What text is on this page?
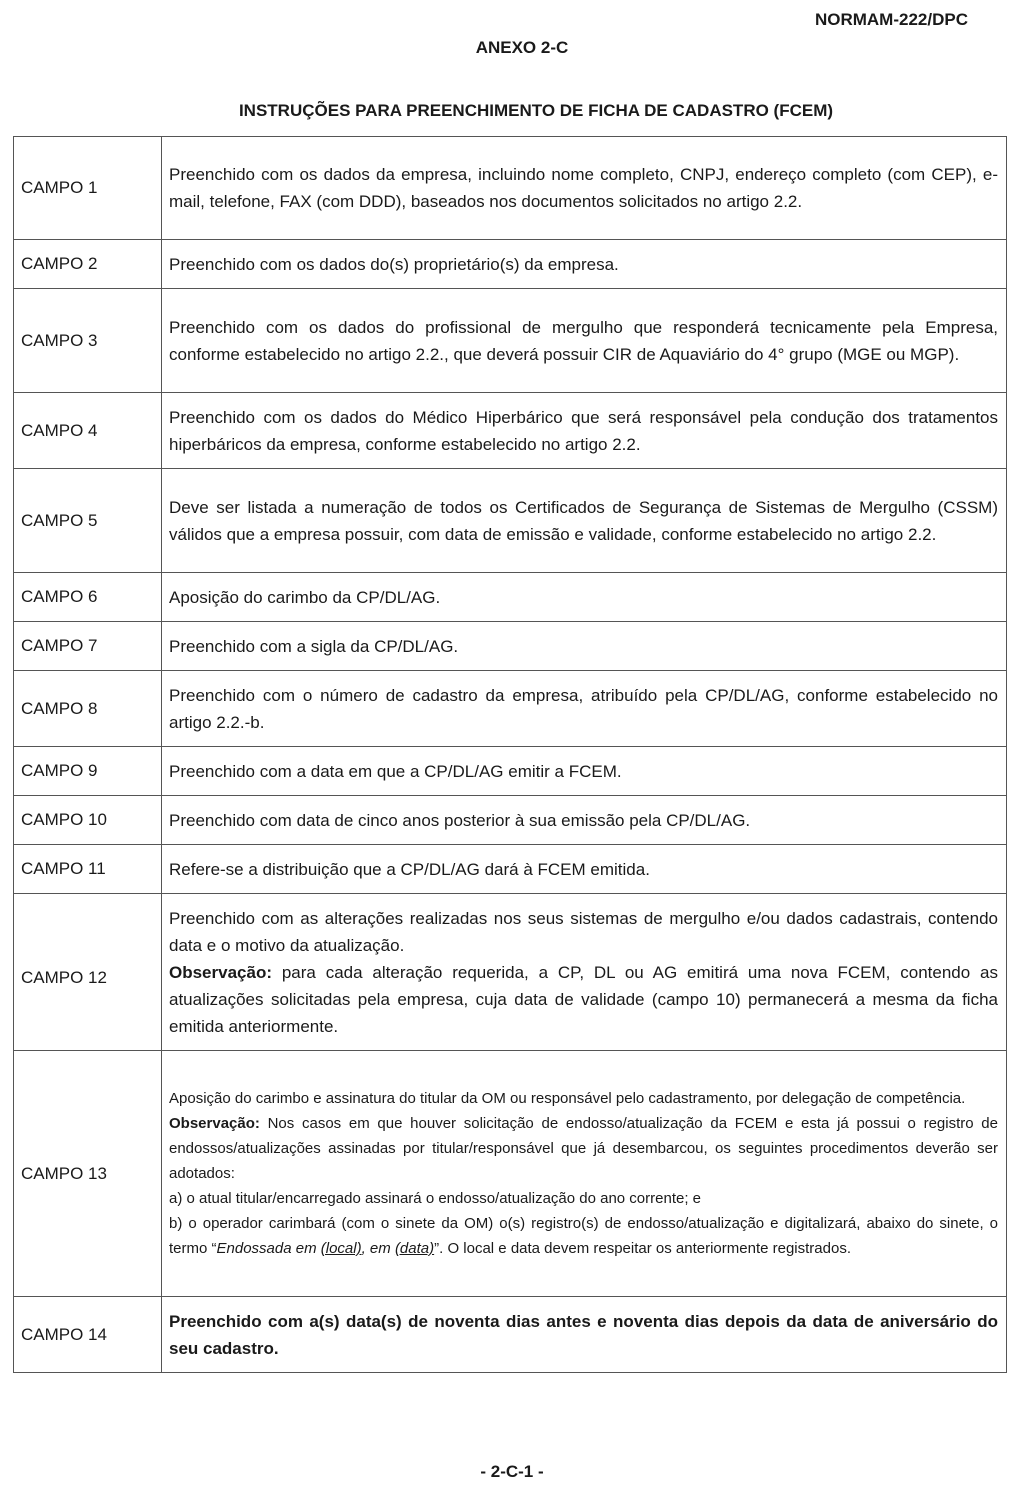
NORMAM-222/DPC
ANEXO 2-C
INSTRUÇÕES PARA PREENCHIMENTO DE FICHA DE CADASTRO (FCEM)
CAMPO 1	Preenchido com os dados da empresa, incluindo nome completo, CNPJ, endereço completo (com CEP), e-mail, telefone, FAX (com DDD), baseados nos documentos solicitados no artigo 2.2.
CAMPO 2	Preenchido com os dados do(s) proprietário(s) da empresa.
CAMPO 3	Preenchido com os dados do profissional de mergulho que responderá tecnicamente pela Empresa, conforme estabelecido no artigo 2.2., que deverá possuir CIR de Aquaviário do 4° grupo (MGE ou MGP).
CAMPO 4	Preenchido com os dados do Médico Hiperbárico que será responsável pela condução dos tratamentos hiperbáricos da empresa, conforme estabelecido no artigo 2.2.
CAMPO 5	Deve ser listada a numeração de todos os Certificados de Segurança de Sistemas de Mergulho (CSSM) válidos que a empresa possuir, com data de emissão e validade, conforme estabelecido no artigo 2.2.
CAMPO 6	Aposição do carimbo da CP/DL/AG.
CAMPO 7	Preenchido com a sigla da CP/DL/AG.
CAMPO 8	Preenchido com o número de cadastro da empresa, atribuído pela CP/DL/AG, conforme estabelecido no artigo 2.2.-b.
CAMPO 9	Preenchido com a data em que a CP/DL/AG emitir a FCEM.
CAMPO 10	Preenchido com data de cinco anos posterior à sua emissão pela CP/DL/AG.
CAMPO 11	Refere-se a distribuição que a CP/DL/AG dará à FCEM emitida.

CAMPO 12	Preenchido com as alterações realizadas nos seus sistemas de mergulho e/ou dados cadastrais, contendo data e o motivo da atualização.
Observação: para cada alteração requerida, a CP, DL ou AG emitirá uma nova FCEM, contendo as atualizações solicitadas pela empresa, cuja data de validade (campo 10) permanecerá a mesma da ficha emitida anteriormente.

CAMPO 13	Aposição do carimbo e assinatura do titular da OM ou responsável pelo cadastramento, por delegação de competência.
Observação: Nos casos em que houver solicitação de endosso/atualização da FCEM e esta já possui o registro de endossos/atualizações assinadas por titular/responsável que já desembarcou, os seguintes procedimentos deverão ser adotados:
a) o atual titular/encarregado assinará o endosso/atualização do ano corrente; e
b) o operador carimbará (com o sinete da OM) o(s) registro(s) de endosso/atualização e digitalizará, abaixo do sinete, o termo “Endossada em (local), em (data)”. O local e data devem respeitar os anteriormente registrados.

CAMPO 14	Preenchido com a(s) data(s) de noventa dias antes e noventa dias depois da data de aniversário do seu cadastro.
- 2-C-1 -
